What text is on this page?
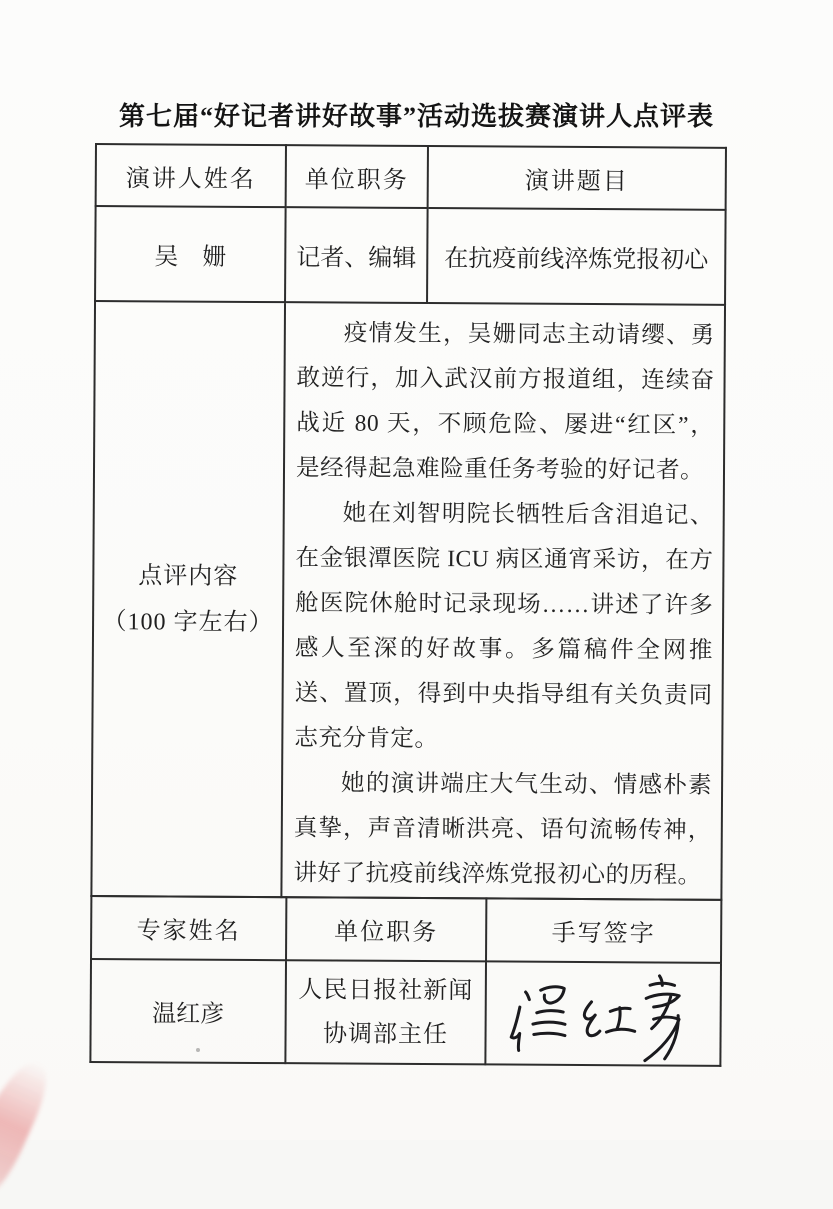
第七届“好记者讲好故事”活动选拔赛演讲人点评表
演讲人姓名	单位职务	演讲题目
吴　姗	记者、编辑	在抗疫前线淬炼党报初心

点评内容
（100 字左右）

疫情发生，吴姗同志主动请缨、勇敢逆行，加入武汉前方报道组，连续奋战近 80 天，不顾危险、屡进“红区”，是经得起急难险重任务考验的好记者。

她在刘智明院长牺牲后含泪追记、在金银潭医院 ICU 病区通宵采访，在方舱医院休舱时记录现场……讲述了许多感人至深的好故事。多篇稿件全网推送、置顶，得到中央指导组有关负责同志充分肯定。

她的演讲端庄大气生动、情感朴素真挚，声音清晰洪亮、语句流畅传神，讲好了抗疫前线淬炼党报初心的历程。

专家姓名	单位职务	手写签字
温红彦	人民日报社新闻
协调部主任
